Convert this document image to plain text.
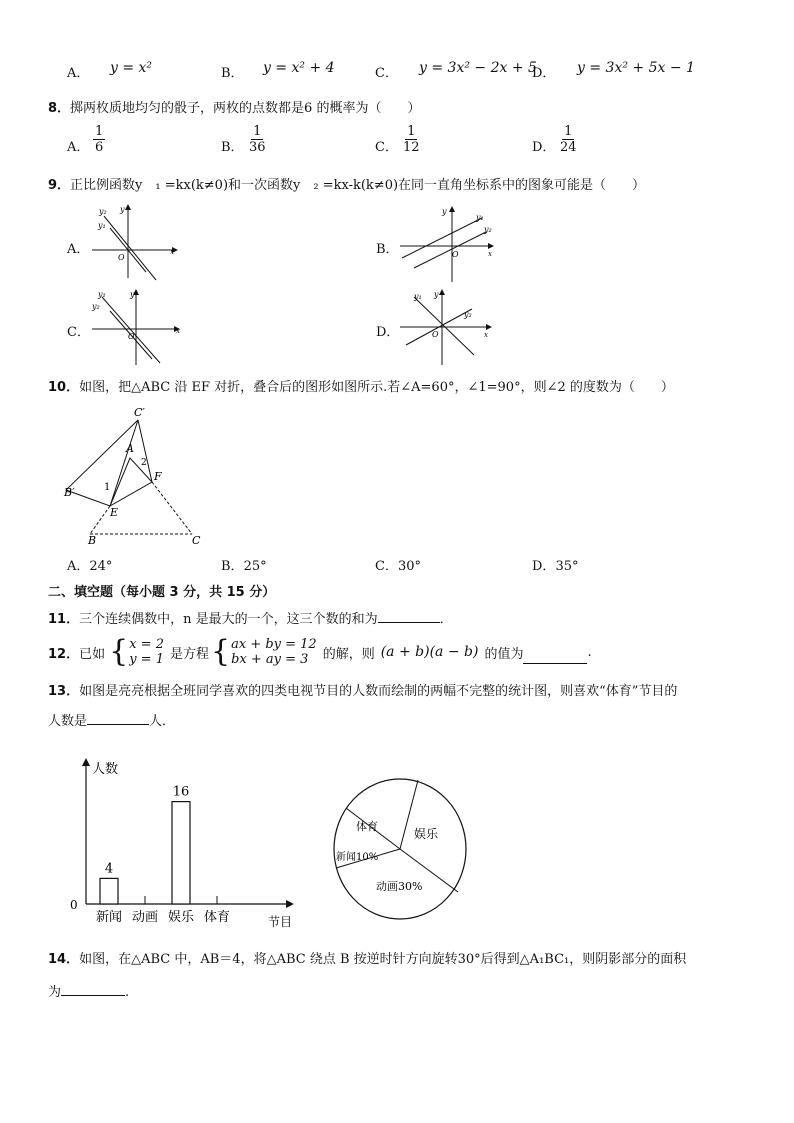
A． y = x²	B． y = x² + 4	C． y = 3x² − 2x + 5
D． y = 3x² + 5x − 1
8．掷两枚质地均匀的骰子，两枚的点数都是6 的概率为（　　）
A． $\frac{1}{6}$	B． $\frac{1}{36}$	C． $\frac{1}{12}$	D． $\frac{1}{24}$
9．正比例函数y　₁ =kx(k≠0)和一次函数y　₂ =kx-k(k≠0)在同一直角坐标系中的图象可能是（　　）
A．
y₂
y₁
y
O
x	B．
y₁
y₂
y
O	x
C．
y₁
y₂
y
O
x	D．
y₁
y₂
y
O	x
10．如图，把△ABC 沿 EF 对折，叠合后的图形如图所示.若∠A=60°，∠1=90°，则∠2 的度数为（　　）
C′
A
2
F
B′	1
E
B	C
A．24°	B．25°	C．30°	D．35°
二、填空题（每小题 3 分，共 15 分）
11．三个连续偶数中，n 是最大的一个，这三个数的和为	．
12． 已如 { x = 2
y = 1 是方程 { ax + by = 12
bx + ay = 3	的解，则 (a + b)(a − b) 的值为	.
13．如图是亮亮根据全班同学喜欢的四类电视节目的人数而绘制的两幅不完整的统计图，则喜欢“体育”节目的
人数是	人．
人数
0
节目
4
新闻 动画
16
娱乐 体育
体育
娱乐
新闻10%
动画30%
14．如图，在△ABC 中，AB＝4，将△ABC 绕点 B 按逆时针方向旋转30°后得到△A₁BC₁，则阴影部分的面积
为	.
